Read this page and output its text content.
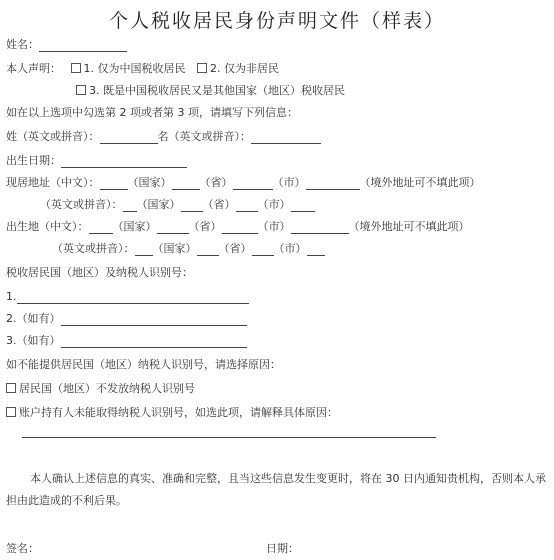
个人税收居民身份声明文件（样表）
姓名：
本人声明： 1. 仅为中国税收居民 2. 仅为非居民
3. 既是中国税收居民又是其他国家（地区）税收居民
如在以上选项中勾选第 2 项或者第 3 项，请填写下列信息：
姓（英文或拼音）：	名（英文或拼音）：
出生日期：
现居地址（中文）：	（国家）	（省）	（市）	（境外地址可不填此项）
（英文或拼音）： （国家） （省） （市）
出生地（中文）： （国家）	（省）	（市）	（境外地址可不填此项）
（英文或拼音）： （国家） （省） （市）
税收居民国（地区）及纳税人识别号：
1.
2.（如有）
3.（如有）
如不能提供居民国（地区）纳税人识别号，请选择原因：
居民国（地区）不发放纳税人识别号
账户持有人未能取得纳税人识别号，如选此项，请解释具体原因：
本人确认上述信息的真实、准确和完整，且当这些信息发生变更时，将在 30 日内通知贵机构，否则本人承担由此造成的不利后果。
签名：	日期：
